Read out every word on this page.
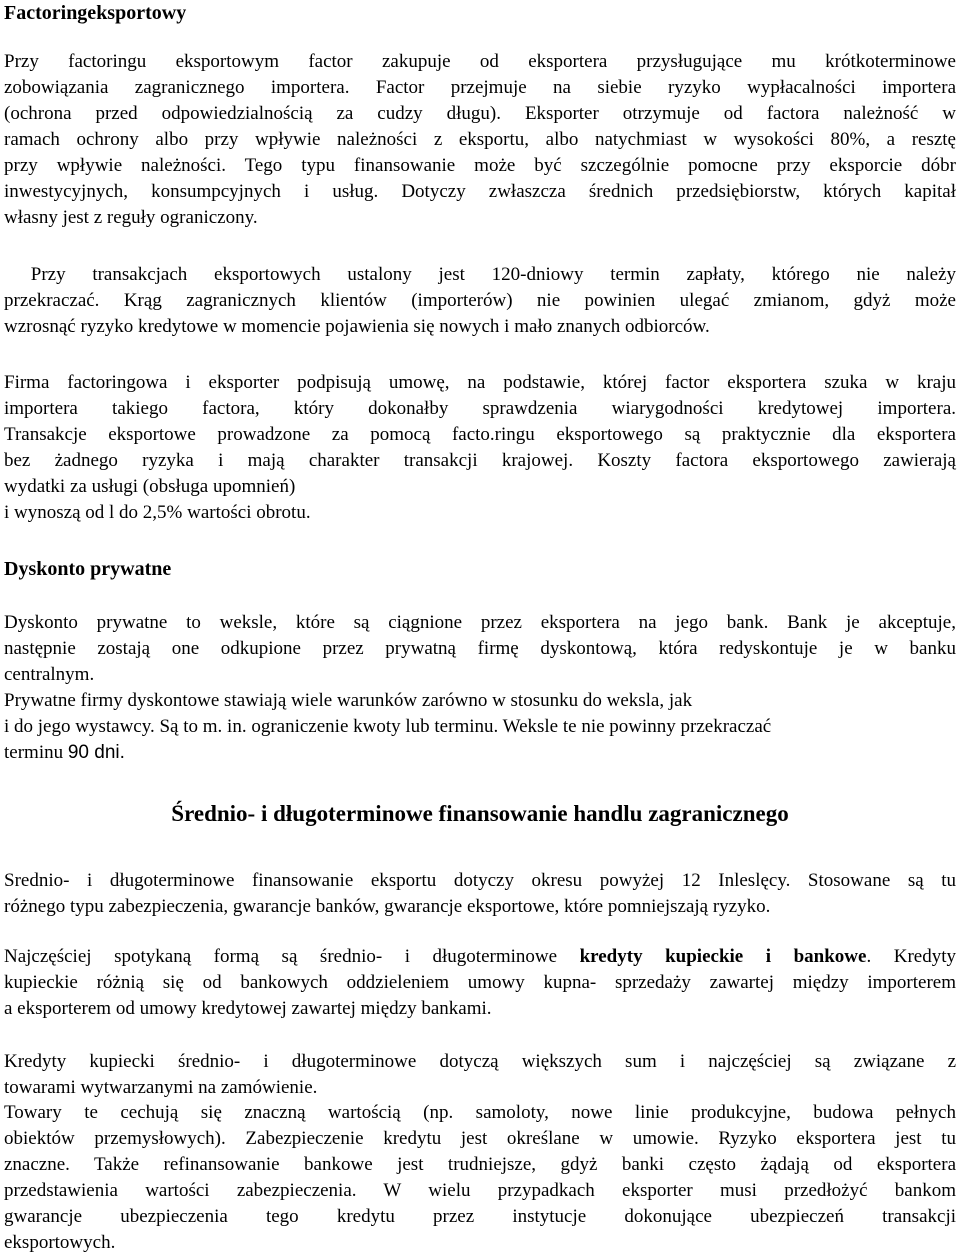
Factoringeksportowy
Przy factoringu eksportowym factor zakupuje od eksportera przysługujące mu krótkoterminowe
zobowiązania zagranicznego importera. Factor przejmuje na siebie ryzyko wypłacalności importera
(ochrona przed odpowiedzialnością za cudzy długu). Eksporter otrzymuje od factora należność w
ramach ochrony albo przy wpływie należności z eksportu, albo natychmiast w wysokości 80%, a resztę
przy wpływie należności. Tego typu finansowanie może być szczególnie pomocne przy eksporcie dóbr
inwestycyjnych, konsumpcyjnych i usług. Dotyczy zwłaszcza średnich przedsiębiorstw, których kapitał
własny jest z reguły ograniczony.
Przy transakcjach eksportowych ustalony jest 120-dniowy termin zapłaty, którego nie należy
przekraczać. Krąg zagranicznych klientów (importerów) nie powinien ulegać zmianom, gdyż może
wzrosnąć ryzyko kredytowe w momencie pojawienia się nowych i mało znanych odbiorców.
Firma factoringowa i eksporter podpisują umowę, na podstawie, której factor eksportera szuka w kraju
importera takiego factora, który dokonałby sprawdzenia wiarygodności kredytowej importera.
Transakcje eksportowe prowadzone za pomocą facto.ringu eksportowego są praktycznie dla eksportera
bez żadnego ryzyka i mają charakter transakcji krajowej. Koszty factora eksportowego zawierają
wydatki za usługi (obsługa upomnień)
i wynoszą od l do 2,5% wartości obrotu.
Dyskonto prywatne
Dyskonto prywatne to weksle, które są ciągnione przez eksportera na jego bank. Bank je akceptuje,
następnie zostają one odkupione przez prywatną firmę dyskontową, która redyskontuje je w banku
centralnym.
Prywatne firmy dyskontowe stawiają wiele warunków zarówno w stosunku do weksla, jak
i do jego wystawcy. Są to m. in. ograniczenie kwoty lub terminu. Weksle te nie powinny przekraczać
terminu 90 dni.
Średnio- i długoterminowe finansowanie handlu zagranicznego
Srednio- i długoterminowe finansowanie eksportu dotyczy okresu powyżej 12 Inleslęcy. Stosowane są tu
różnego typu zabezpieczenia, gwarancje banków, gwarancje eksportowe, które pomniejszają ryzyko.
Najczęściej spotykaną formą są średnio- i długoterminowe kredyty kupieckie i bankowe. Kredyty
kupieckie różnią się od bankowych oddzieleniem umowy kupna- sprzedaży zawartej między importerem
a eksporterem od umowy kredytowej zawartej między bankami.
Kredyty kupiecki średnio- i długoterminowe dotyczą większych sum i najczęściej są związane z
towarami wytwarzanymi na zamówienie.
Towary te cechują się znaczną wartością (np. samoloty, nowe linie produkcyjne, budowa pełnych
obiektów przemysłowych). Zabezpieczenie kredytu jest określane w umowie. Ryzyko eksportera jest tu
znaczne. Także refinansowanie bankowe jest trudniejsze, gdyż banki często żądają od eksportera
przedstawienia wartości zabezpieczenia. W wielu przypadkach eksporter musi przedłożyć bankom
gwarancje ubezpieczenia tego kredytu przez instytucje dokonujące ubezpieczeń transakcji
eksportowych.
